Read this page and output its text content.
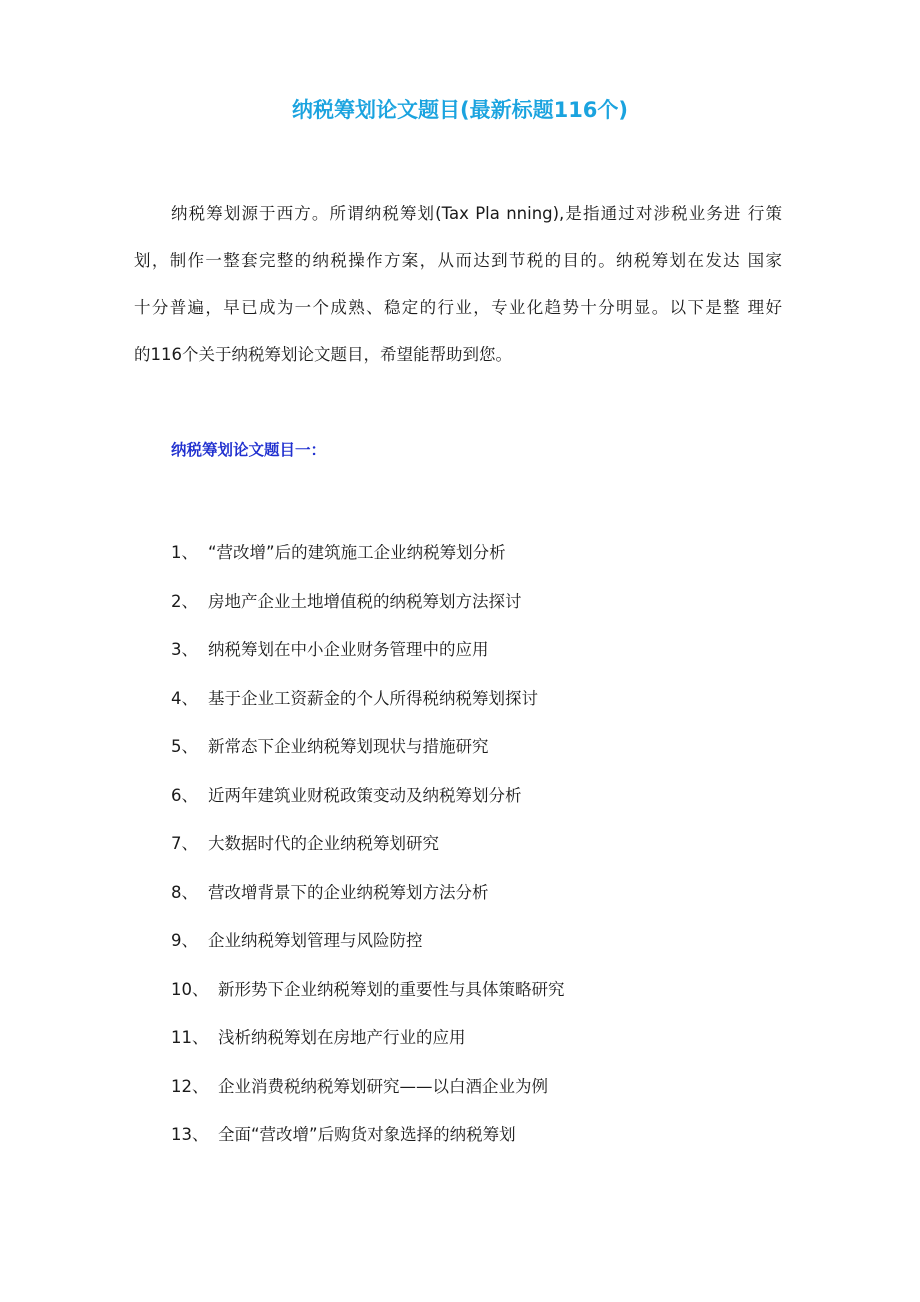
纳税筹划论文题目(最新标题116个)
纳税筹划源于西方。所谓纳税筹划(Tax Pla nning),是指通过对涉税业务进 行策
划，制作一整套完整的纳税操作方案，从而达到节税的目的。纳税筹划在发达 国家
十分普遍，早已成为一个成熟、稳定的行业，专业化趋势十分明显。以下是整 理好
的116个关于纳税筹划论文题目，希望能帮助到您。
纳税筹划论文题目一：
1、 “营改增”后的建筑施工企业纳税筹划分析
2、 房地产企业土地增值税的纳税筹划方法探讨
3、 纳税筹划在中小企业财务管理中的应用
4、 基于企业工资薪金的个人所得税纳税筹划探讨
5、 新常态下企业纳税筹划现状与措施研究
6、 近两年建筑业财税政策变动及纳税筹划分析
7、 大数据时代的企业纳税筹划研究
8、 营改增背景下的企业纳税筹划方法分析
9、 企业纳税筹划管理与风险防控
10、 新形势下企业纳税筹划的重要性与具体策略研究
11、 浅析纳税筹划在房地产行业的应用
12、 企业消费税纳税筹划研究——以白酒企业为例
13、 全面“营改增”后购货对象选择的纳税筹划
